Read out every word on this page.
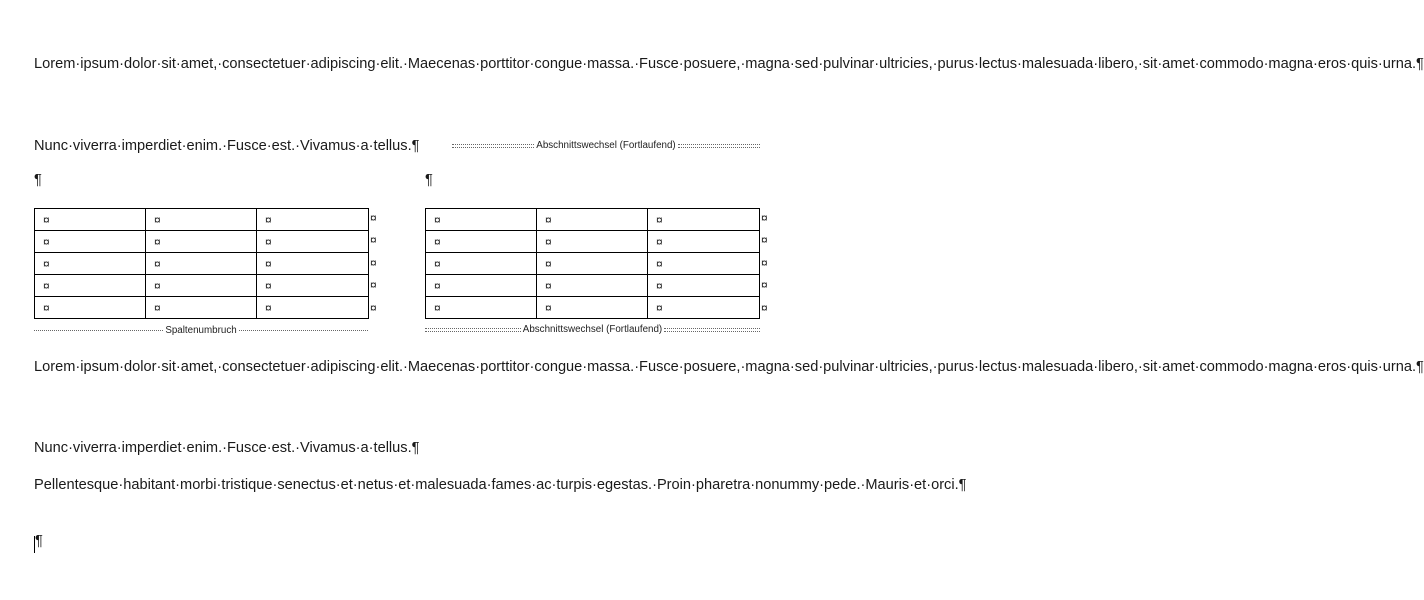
Lorem·ipsum·dolor·sit·amet,·consectetuer·adipiscing·elit.·Maecenas·porttitor·congue·massa.·Fusce·posuere,·magna·sed·pulvinar·ultricies,·purus·lectus·malesuada·libero,·sit·amet·commodo·magna·eros·quis·urna.¶

Nunc·viverra·imperdiet·enim.·Fusce·est.·Vivamus·a·tellus.¶	Abschnittswechsel (Fortlaufend)
¶	¶
¤	¤	¤
¤	¤	¤
¤	¤	¤
¤	¤	¤
¤	¤	¤
¤
¤
¤
¤
¤
¤	¤	¤
¤	¤	¤
¤	¤	¤
¤	¤	¤
¤	¤	¤
¤
¤
¤
¤
¤
Spaltenumbruch	Abschnittswechsel (Fortlaufend)

Lorem·ipsum·dolor·sit·amet,·consectetuer·adipiscing·elit.·Maecenas·porttitor·congue·massa.·Fusce·posuere,·magna·sed·pulvinar·ultricies,·purus·lectus·malesuada·libero,·sit·amet·commodo·magna·eros·quis·urna.¶

Nunc·viverra·imperdiet·enim.·Fusce·est.·Vivamus·a·tellus.¶

Pellentesque·habitant·morbi·tristique·senectus·et·netus·et·malesuada·fames·ac·turpis·egestas.·Proin·pharetra·nonummy·pede.·Mauris·et·orci.¶

¶
